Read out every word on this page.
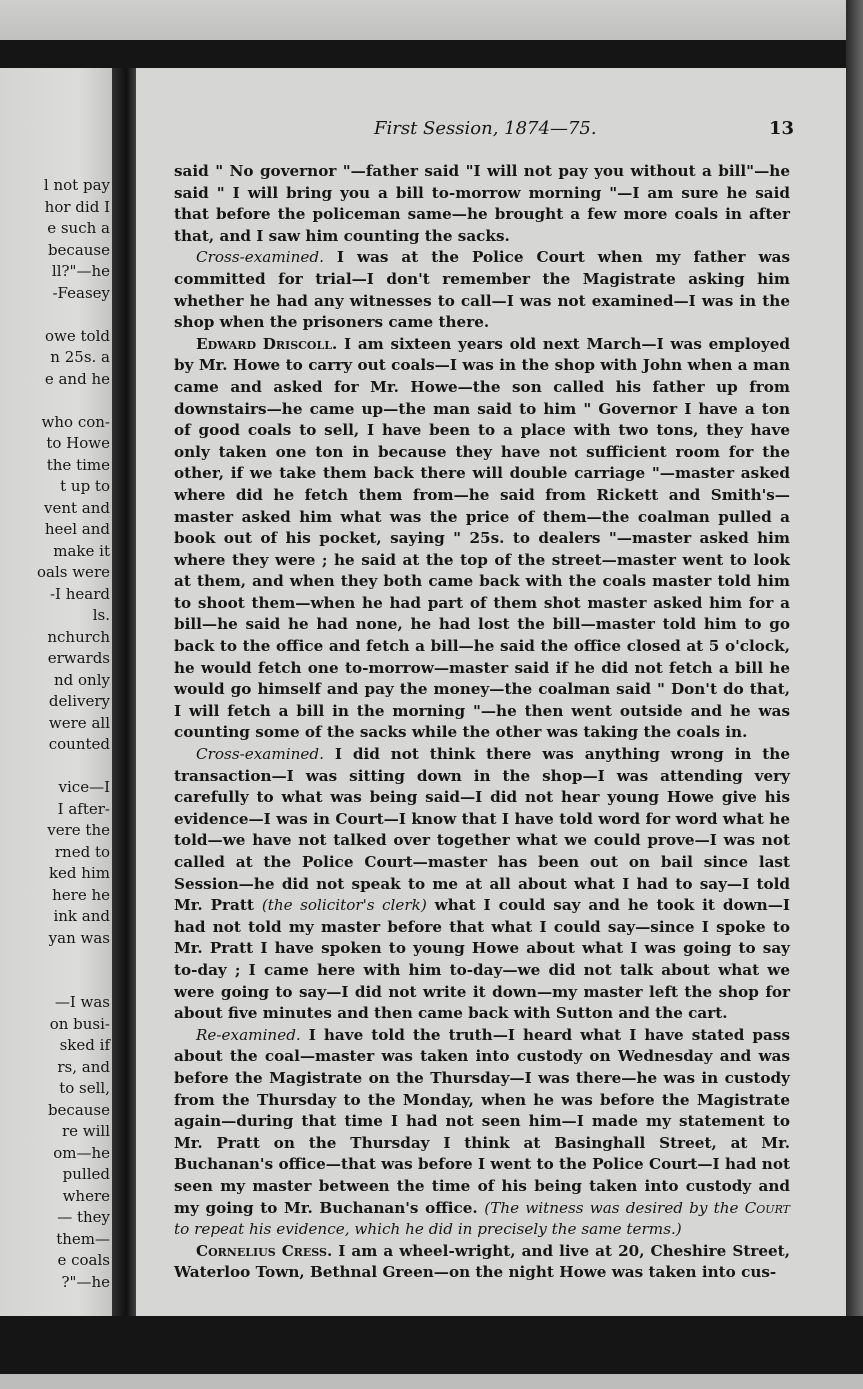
l not pay
hor did I
e such a
because
ll?"—he
-Feasey
owe told
n 25s. a
e and he
who con-
to Howe
the time
t up to
vent and
heel and
make it
oals were
-I heard
ls.
nchurch
erwards
nd only
delivery
were all
counted
vice—I
I after-
vere the
rned to
ked him
here he
ink and
yan was
—I was
on busi-
sked if
rs, and
to sell,
because
re will
om—he
pulled
where
— they
them—
e coals
?"—he
First Session, 1874—75.	13

said " No governor "—father said "I will not pay you without a bill"—he said " I will bring you a bill to-morrow morning "—I am sure he said that before the policeman same—he brought a few more coals in after that, and I saw him counting the sacks.

Cross-examined. I was at the Police Court when my father was committed for trial—I don't remember the Magistrate asking him whether he had any witnesses to call—I was not examined—I was in the shop when the prisoners came there.

Edward Driscoll. I am sixteen years old next March—I was employed by Mr. Howe to carry out coals—I was in the shop with John when a man came and asked for Mr. Howe—the son called his father up from downstairs—he came up—the man said to him " Governor I have a ton of good coals to sell, I have been to a place with two tons, they have only taken one ton in because they have not sufficient room for the other, if we take them back there will double carriage "—master asked where did he fetch them from—he said from Rickett and Smith's—master asked him what was the price of them—the coalman pulled a book out of his pocket, saying " 25s. to dealers "—master asked him where they were ; he said at the top of the street—master went to look at them, and when they both came back with the coals master told him to shoot them—when he had part of them shot master asked him for a bill—he said he had none, he had lost the bill—master told him to go back to the office and fetch a bill—he said the office closed at 5 o'clock, he would fetch one to-morrow—master said if he did not fetch a bill he would go himself and pay the money—the coalman said " Don't do that, I will fetch a bill in the morning "—he then went outside and he was counting some of the sacks while the other was taking the coals in.

Cross-examined. I did not think there was anything wrong in the transaction—I was sitting down in the shop—I was attending very carefully to what was being said—I did not hear young Howe give his evidence—I was in Court—I know that I have told word for word what he told—we have not talked over together what we could prove—I was not called at the Police Court—master has been out on bail since last Session—he did not speak to me at all about what I had to say—I told Mr. Pratt (the solicitor's clerk) what I could say and he took it down—I had not told my master before that what I could say—since I spoke to Mr. Pratt I have spoken to young Howe about what I was going to say to-day ; I came here with him to-day—we did not talk about what we were going to say—I did not write it down—my master left the shop for about five minutes and then came back with Sutton and the cart.

Re-examined. I have told the truth—I heard what I have stated pass about the coal—master was taken into custody on Wednesday and was before the Magistrate on the Thursday—I was there—he was in custody from the Thursday to the Monday, when he was before the Magistrate again—during that time I had not seen him—I made my statement to Mr. Pratt on the Thursday I think at Basinghall Street, at Mr. Buchanan's office—that was before I went to the Police Court—I had not seen my master between the time of his being taken into custody and my going to Mr. Buchanan's office. (The witness was desired by the Court to repeat his evidence, which he did in precisely the same terms.)

Cornelius Cress. I am a wheel-wright, and live at 20, Cheshire Street, Waterloo Town, Bethnal Green—on the night Howe was taken into cus-
